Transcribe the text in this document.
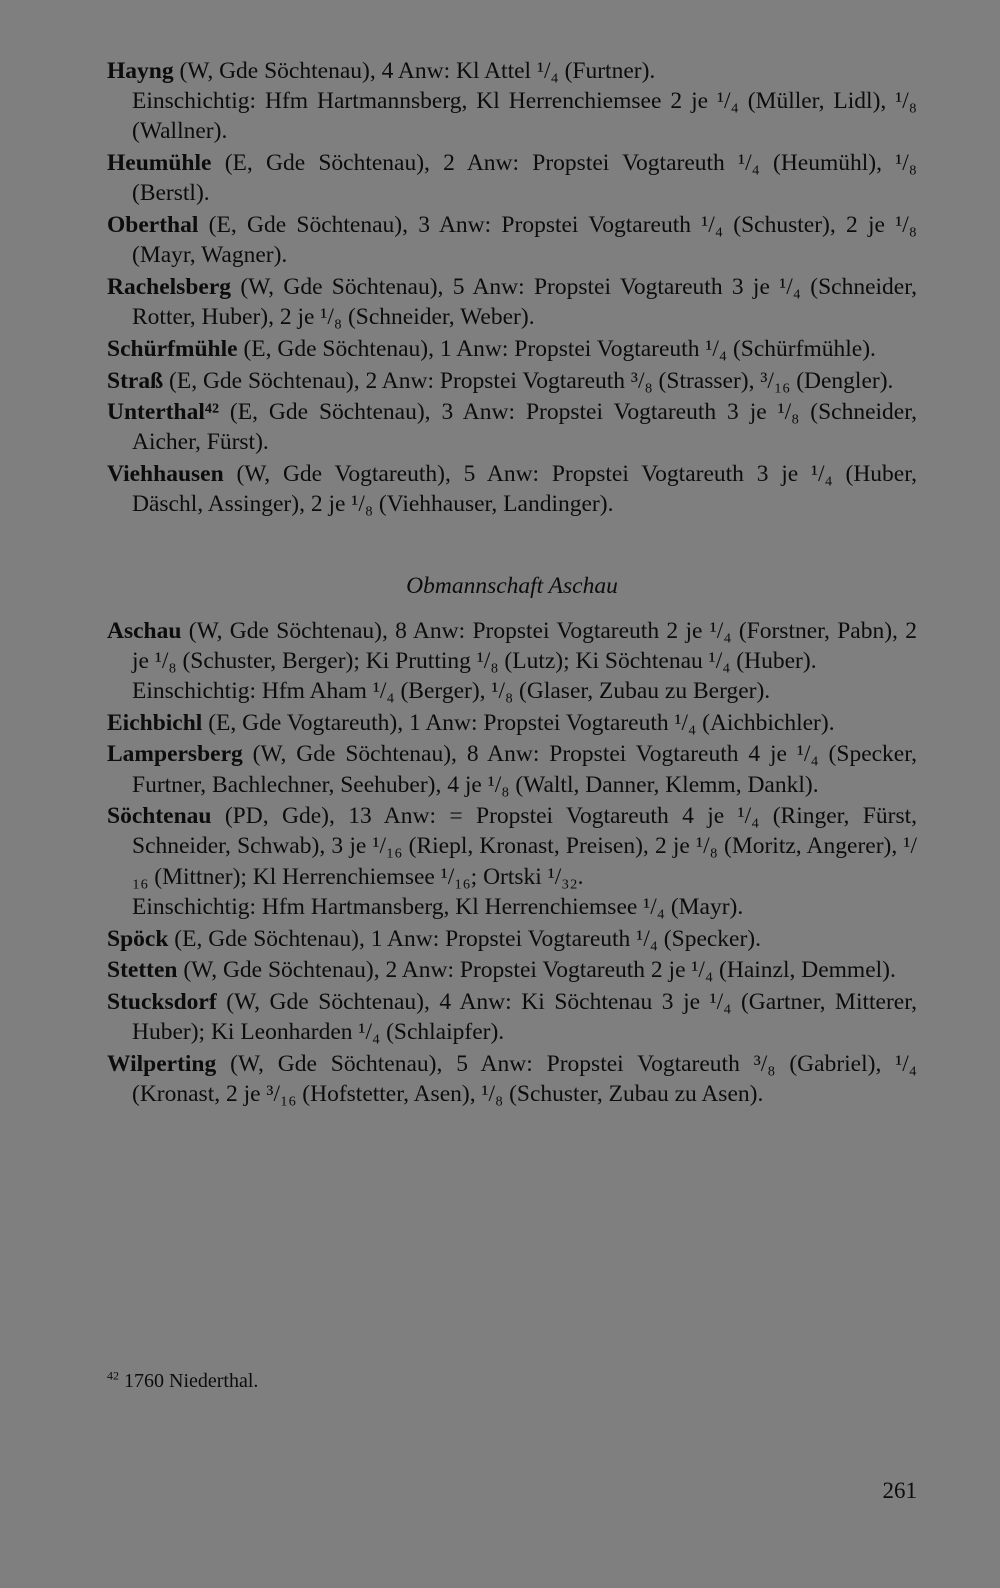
Hayng (W, Gde Söchtenau), 4 Anw: Kl Attel ¹/₄ (Furtner).
Einschichtig: Hfm Hartmannsberg, Kl Herrenchiemsee 2 je ¹/₄ (Müller, Lidl), ¹/₈ (Wallner).

Heumühle (E, Gde Söchtenau), 2 Anw: Propstei Vogtareuth ¹/₄ (Heumühl), ¹/₈ (Berstl).

Oberthal (E, Gde Söchtenau), 3 Anw: Propstei Vogtareuth ¹/₄ (Schuster), 2 je ¹/₈ (Mayr, Wagner).

Rachelsberg (W, Gde Söchtenau), 5 Anw: Propstei Vogtareuth 3 je ¹/₄ (Schneider, Rotter, Huber), 2 je ¹/₈ (Schneider, Weber).

Schürfmühle (E, Gde Söchtenau), 1 Anw: Propstei Vogtareuth ¹/₄ (Schürfmühle).

Straß (E, Gde Söchtenau), 2 Anw: Propstei Vogtareuth ³/₈ (Strasser), ³/₁₆ (Dengler).

Unterthal⁴² (E, Gde Söchtenau), 3 Anw: Propstei Vogtareuth 3 je ¹/₈ (Schneider, Aicher, Fürst).

Viehhausen (W, Gde Vogtareuth), 5 Anw: Propstei Vogtareuth 3 je ¹/₄ (Huber, Däschl, Assinger), 2 je ¹/₈ (Viehhauser, Landinger).

Obmannschaft Aschau

Aschau (W, Gde Söchtenau), 8 Anw: Propstei Vogtareuth 2 je ¹/₄ (Forstner, Pabn), 2 je ¹/₈ (Schuster, Berger); Ki Prutting ¹/₈ (Lutz); Ki Söchtenau ¹/₄ (Huber).
Einschichtig: Hfm Aham ¹/₄ (Berger), ¹/₈ (Glaser, Zubau zu Berger).

Eichbichl (E, Gde Vogtareuth), 1 Anw: Propstei Vogtareuth ¹/₄ (Aichbichler).

Lampersberg (W, Gde Söchtenau), 8 Anw: Propstei Vogtareuth 4 je ¹/₄ (Specker, Furtner, Bachlechner, Seehuber), 4 je ¹/₈ (Waltl, Danner, Klemm, Dankl).

Söchtenau (PD, Gde), 13 Anw: = Propstei Vogtareuth 4 je ¹/₄ (Ringer, Fürst, Schneider, Schwab), 3 je ¹/₁₆ (Riepl, Kronast, Preisen), 2 je ¹/₈ (Moritz, Angerer), ¹/₁₆ (Mittner); Kl Herrenchiemsee ¹/₁₆; Ortski ¹/₃₂.
Einschichtig: Hfm Hartmansberg, Kl Herrenchiemsee ¹/₄ (Mayr).

Spöck (E, Gde Söchtenau), 1 Anw: Propstei Vogtareuth ¹/₄ (Specker).

Stetten (W, Gde Söchtenau), 2 Anw: Propstei Vogtareuth 2 je ¹/₄ (Hainzl, Demmel).

Stucksdorf (W, Gde Söchtenau), 4 Anw: Ki Söchtenau 3 je ¹/₄ (Gartner, Mitterer, Huber); Ki Leonharden ¹/₄ (Schlaipfer).

Wilperting (W, Gde Söchtenau), 5 Anw: Propstei Vogtareuth ³/₈ (Gabriel), ¹/₄ (Kronast, 2 je ³/₁₆ (Hofstetter, Asen), ¹/₈ (Schuster, Zubau zu Asen).

$^{42}$ 1760 Niederthal.
261
